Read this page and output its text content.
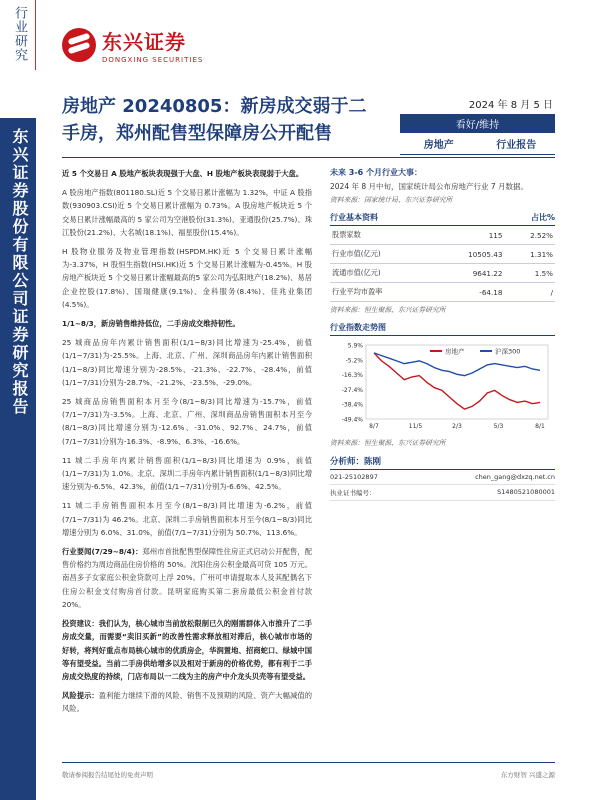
行业研究
东兴证券股份有限公司证券研究报告
东兴证券
DONGXING SECURITIES
房地产 20240805：新房成交弱于二手房，郑州配售型保障房公开配售
2024 年 8 月 5 日
看好/维持
房地产	行业报告

近 5 个交易日 A 股地产板块表现强于大盘、H 股地产板块表现弱于大盘。

A 股房地产指数(801180.SL)近 5 个交易日累计涨幅为 1.32%，中证 A 股指数(930903.CSI)近 5 个交易日累计涨幅为 0.73%。A 股房地产板块近 5 个交易日累计涨幅最高的 5 家公司为空港股份(31.3%)、亚通股份(25.7%)、珠江股份(21.2%)、大名城(18.1%)、福星股份(15.4%)。

H 股物业服务及物业管理指数(HSPDM.HK)近 5 个交易日累计涨幅为-3.37%，H 股恒生指数(HSI.HK)近 5 个交易日累计涨幅为-0.45%。H 股房地产板块近 5 个交易日累计涨幅最高的5 家公司为弘阳地产(18.2%)、易居企业控股(17.8%)、国瑞健康(9.1%)、金科服务(8.4%)、佳兆业集团(4.5%)。

1/1~8/3，新房销售维持低位，二手房成交维持韧性。

25 城商品房年内累计销售面积(1/1~8/3)同比增速为-25.4%，前值(1/1~7/31)为-25.5%。上海、北京、广州、深圳商品房年内累计销售面积(1/1~8/3)同比增速分别为-28.5%、-21.3%、-22.7%、-28.4%，前值(1/1~7/31)分别为-28.7%、-21.2%、-23.5%、-29.0%。

25 城商品房销售面积本月至今(8/1~8/3)同比增速为-15.7%，前值(7/1~7/31)为-3.5%。上海、北京、广州、深圳商品房销售面积本月至今(8/1~8/3)同比增速分别为-12.6%、-31.0%、92.7%、24.7%，前值(7/1~7/31)分别为-16.3%、-8.9%、6.3%、-16.6%。

11 城二手房年内累计销售面积(1/1~8/3)同比增速为 0.9%，前值(1/1~7/31)为 1.0%。北京、深圳二手房年内累计销售面积(1/1~8/3)同比增速分别为-6.5%、42.3%，前值(1/1~7/31)分别为-6.6%、42.5%。

11 城二手房销售面积本月至今(8/1~8/3)同比增速为-6.2%，前值(7/1~7/31)为 46.2%。北京、深圳二手房销售面积本月至今(8/1~8/3)同比增速分别为 6.0%、31.0%，前值(7/1~7/31)分别为 50.7%、113.6%。

行业要闻(7/29~8/4)：郑州市首批配售型保障性住房正式启动公开配售，配售价格约为周边商品住房价格的 50%。沈阳住房公积金最高可贷 105 万元。南昌多子女家庭公积金贷款可上浮 20%。广州可申请提取本人及其配偶名下住房公积金支付购房首付款。昆明家庭购买第二套房最低公积金首付款 20%。

投资建议：我们认为，核心城市当前放松限制已久的刚需群体入市推升了二手房成交量，而需要“卖旧买新”的改善性需求释放相对滞后，核心城市市场的好转，将判好重点布局核心城市的优质房企，华润置地、招商蛇口、绿城中国等有望受益。当前二手房供给增多以及相对于新房的价格优势，都有利于二手房成交热度的持续，门店布局以一二线为主的房产中介龙头贝壳等有望受益。

风险提示：盈利能力继续下滑的风险、销售不及预期的风险、资产大幅减值的风险。

未来 3-6 个月行业大事：
2024 年 8 月中旬，国家统计局公布房地产行业 7 月数据。
资料来源：国家统计局、东兴证券研究所
行业基本资料	占比%
股票家数	115	2.52%
行业市值(亿元)	10505.43	1.31%
流通市值(亿元)	9641.22	1.5%
行业平均市盈率	-64.18	/
资料来源：恒生聚源、东兴证券研究所
行业指数走势图
5.9%
-5.2%
-16.3%
-27.4%
-38.4%
-49.4%
8/7	11/5	2/3	5/3	8/1
房地产	沪深300
资料来源：恒生聚源、东兴证券研究所
分析师：陈刚
021-25102897	chen_gang@dxzq.net.cn
执业证书编号：	S1480521080001
敬请参阅报告结尾处的免责声明	东方财智 兴盛之源
